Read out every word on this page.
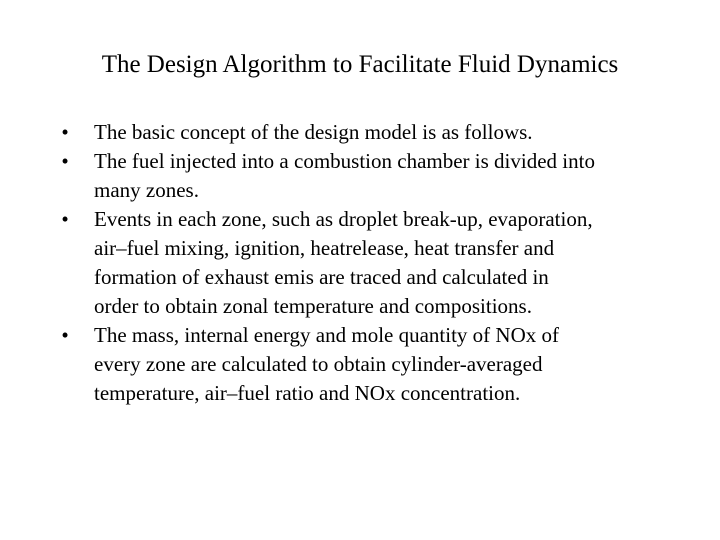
The Design Algorithm to Facilitate Fluid Dynamics
•	The basic concept of the design model is as follows.
•	The fuel injected into a combustion chamber is divided into
many zones.
•	Events in each zone, such as droplet break-up, evaporation,
air–fuel mixing, ignition, heatrelease, heat transfer and
formation of exhaust emis are traced and calculated in
order to obtain zonal temperature and compositions.
•	The mass, internal energy and mole quantity of NOx of
every zone are calculated to obtain cylinder-averaged
temperature, air–fuel ratio and NOx concentration.
